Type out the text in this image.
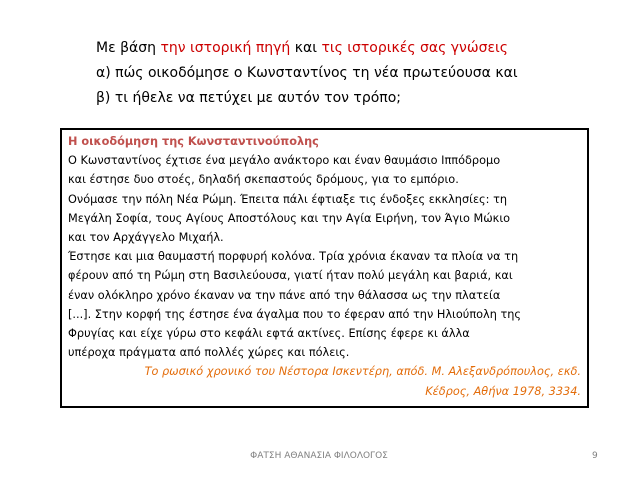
Με βάση την ιστορική πηγή και τις ιστορικές σας γνώσεις
α) πώς οικοδόμησε ο Κωνσταντίνος τη νέα πρωτεύουσα και
β) τι ήθελε να πετύχει με αυτόν τον τρόπο;

Η οικοδόμηση της Κωνσταντινούπολης

Ο Κωνσταντίνος έχτισε ένα μεγάλο ανάκτορο και έναν θαυμάσιο Ιππόδρομο

και έστησε δυο στοές, δηλαδή σκεπαστούς δρόμους, για το εμπόριο.

Ονόμασε την πόλη Νέα Ρώμη. Έπειτα πάλι έφτιαξε τις ένδοξες εκκλησίες: τη

Μεγάλη Σοφία, τους Αγίους Αποστόλους και την Αγία Ειρήνη, τον Άγιο Μώκιο

και τον Αρχάγγελο Μιχαήλ.

Έστησε και μια θαυμαστή πορφυρή κολόνα. Τρία χρόνια έκαναν τα πλοία να τη

φέρουν από τη Ρώμη στη Βασιλεύουσα, γιατί ήταν πολύ μεγάλη και βαριά, και

έναν ολόκληρο χρόνο έκαναν να την πάνε από την θάλασσα ως την πλατεία

[...]. Στην κορφή της έστησε ένα άγαλμα που το έφεραν από την Ηλιούπολη της

Φρυγίας και είχε γύρω στο κεφάλι εφτά ακτίνες. Επίσης έφερε κι άλλα

υπέροχα πράγματα από πολλές χώρες και πόλεις.

Το ρωσικό χρονικό του Νέστορα Ισκεντέρη, απόδ. Μ. Αλεξανδρόπουλος, εκδ.

Κέδρος, Αθήνα 1978, 3334.

ΦΑΤΣΗ ΑΘΑΝΑΣΙΑ ΦΙΛΟΛΟΓΟΣ	9
